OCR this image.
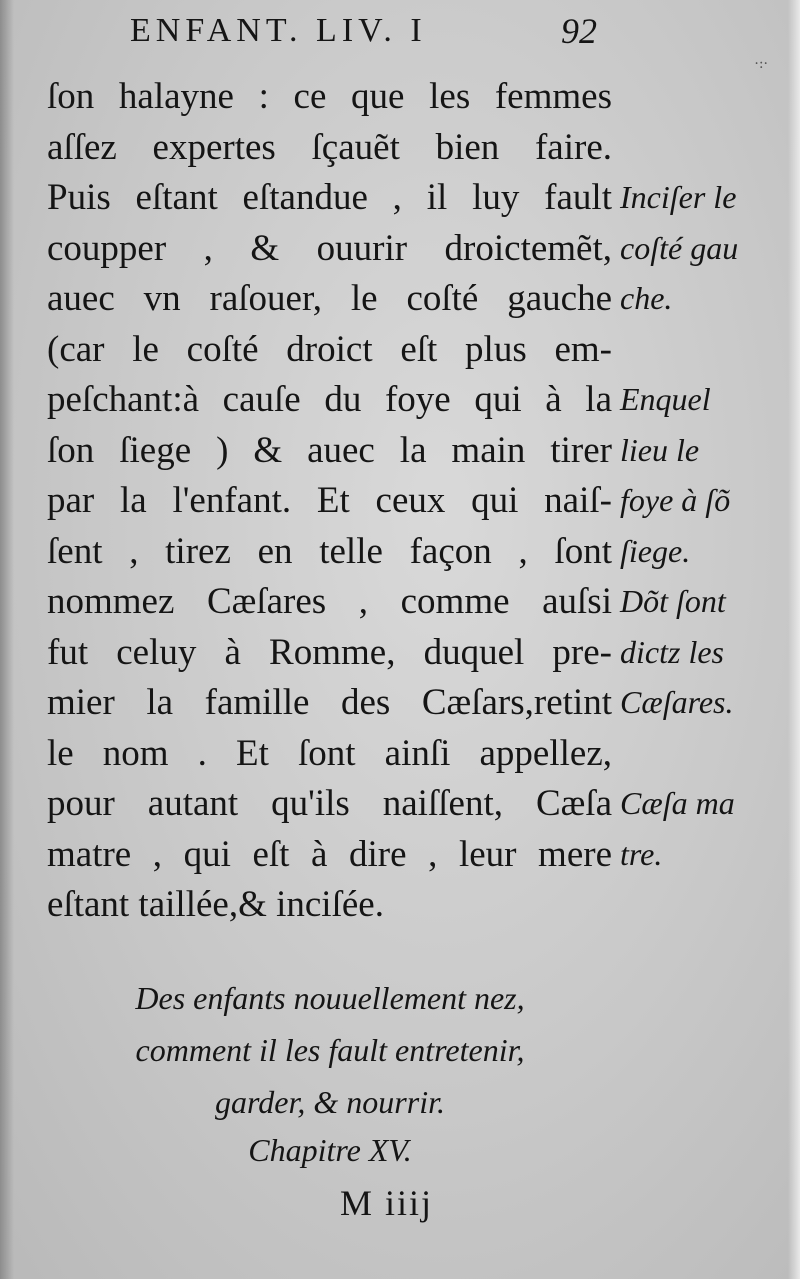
ENFANT. LIV. I	92
·:·
ſon halayne : ce que les femmes
aſſez expertes ſçauẽt bien faire.
Puis eſtant eſtandue , il luy fault
coupper , & ouurir droictemẽt,
auec vn raſouer, le coſté gauche
(car le coſté droict eſt plus em-
peſchant:à cauſe du foye qui à la
ſon ſiege ) & auec la main tirer
par la l'enfant. Et ceux qui naiſ-
ſent , tirez en telle façon , ſont
nommez Cæſares , comme auſsi
fut celuy à Romme, duquel pre-
mier la famille des Cæſars,retint
le nom . Et ſont ainſi appellez,
pour autant qu'ils naiſſent, Cæſa
matre , qui eſt à dire , leur mere
eſtant taillée,& inciſée.
Inciſer le
coſté gau
che.
Enquel
lieu le
foye à ſõ
ſiege.
Dõt ſont
dictz les
Cæſares.
Cæſa ma
tre.
Des enfants nouuellement nez,
comment il les fault entretenir,
garder, & nourrir.
Chapitre XV.
M iiij
